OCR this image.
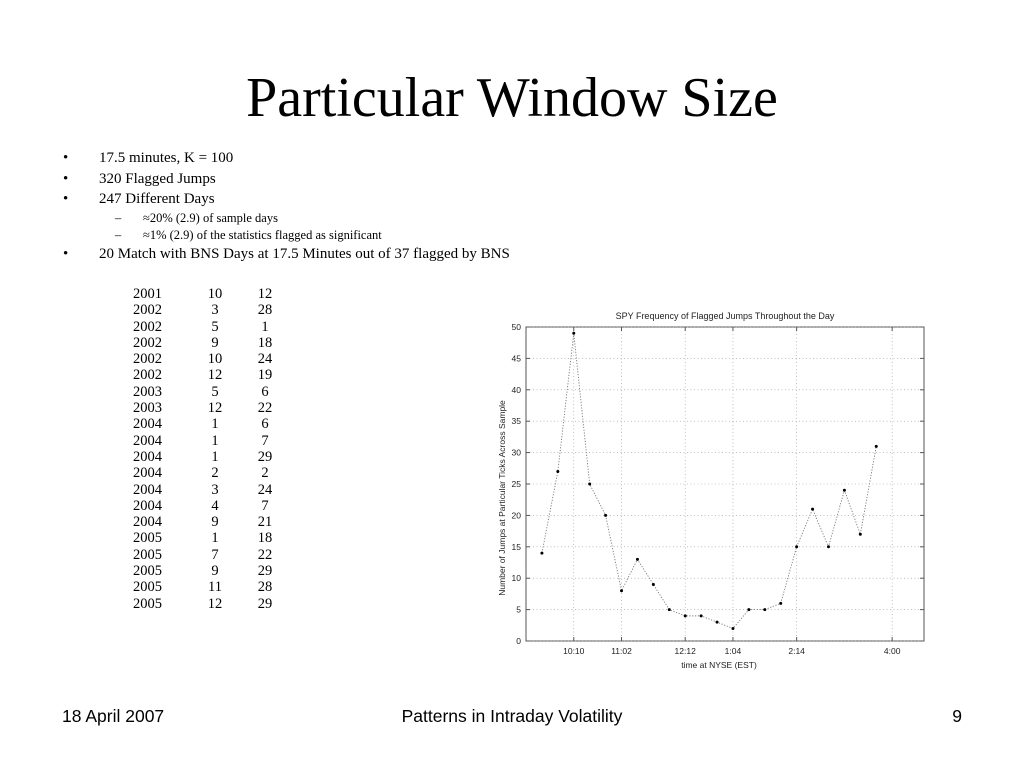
Particular Window Size
• 17.5 minutes, K = 100
• 320 Flagged Jumps
• 247 Different Days
– ≈20% (2.9) of sample days
– ≈1% (2.9) of the statistics flagged as significant
• 20 Match with BNS Days at 17.5 Minutes out of 37 flagged by BNS
2001	10	12
2002	3	28
2002	5	1
2002	9	18
2002	10	24
2002	12	19
2003	5	6
2003	12	22
2004	1	6
2004	1	7
2004	1	29
2004	2	2
2004	3	24
2004	4	7
2004	9	21
2005	1	18
2005	7	22
2005	9	29
2005	11	28
2005	12	29
0
5
10
15
20
25
30
35
40
45
50
10:10	11:02	12:12	1:04	2:14	4:00
SPY Frequency of Flagged Jumps Throughout the Day
time at NYSE (EST)
Number of Jumps at Particular Ticks Across Sample
18 April 2007	Patterns in Intraday Volatility	9
